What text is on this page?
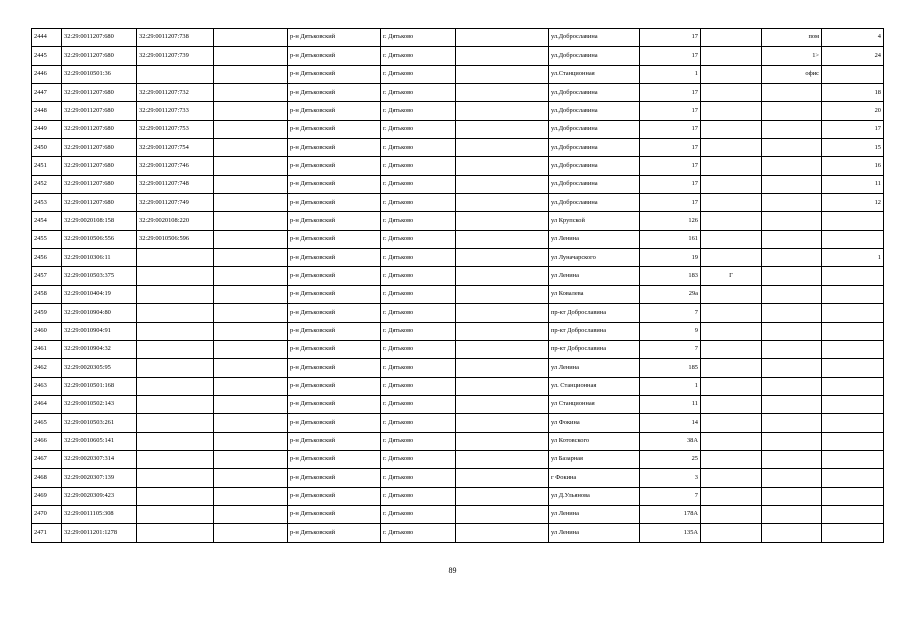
2444	32:29:0011207:680	32:29:0011207:738		р-н Дятьковский	г. Дятьково		ул.Доброславина	17		пом	4
2445	32:29:0011207:680	32:29:0011207:739		р-н Дятьковский	г. Дятьково		ул.Доброславина	17		1>	24
2446	32:29:0010501:36			р-н Дятьковский	г. Дятьково		ул.Станционная	1		офис	
2447	32:29:0011207:680	32:29:0011207:732		р-н Дятьковский	г. Дятьково		ул.Доброславина	17			18
2448	32:29:0011207:680	32:29:0011207:733		р-н Дятьковский	г. Дятьково		ул.Доброславина	17			20
2449	32:29:0011207:680	32:29:0011207:753		р-н Дятьковский	г. Дятьково		ул.Доброславина	17			17
2450	32:29:0011207:680	32:29:0011207:754		р-н Дятьковский	г. Дятьково		ул.Доброславина	17			15
2451	32:29:0011207:680	32:29:0011207:746		р-н Дятьковский	г. Дятьково		ул.Доброславина	17			16
2452	32:29:0011207:680	32:29:0011207:748		р-н Дятьковский	г. Дятьково		ул.Доброславина	17			11
2453	32:29:0011207:680	32:29:0011207:749		р-н Дятьковский	г. Дятьково		ул.Доброславина	17			12
2454	32:29:0020108:158	32:29:0020108:220		р-н Дятьковский	г. Дятьково		ул Крупской	126			
2455	32:29:0010506:556	32:29:0010506:596		р-н Дятьковский	г. Дятьково		ул Ленина	161			
2456	32:29:0010306:11			р-н Дятьковский	г. Дятьково		ул Луначарского	19			1
2457	32:29:0010503:375			р-н Дятьковский	г. Дятьково		ул Ленина	183	Г		
2458	32:29:0010404:19			р-н Дятьковский	г. Дятьково		ул Ковалева	29а			
2459	32:29:0010904:80			р-н Дятьковский	г. Дятьково		пр-кт Доброславина	7			
2460	32:29:0010904:91			р-н Дятьковский	г. Дятьково		пр-кт Доброславина	9			
2461	32:29:0010904:32			р-н Дятьковский	г. Дятьково		пр-кт Доброславина	7			
2462	32:29:0020305:95			р-н Дятьковский	г. Дятьково		ул Ленина	185			
2463	32:29:0010501:168			р-н Дятьковский	г. Дятьково		ул. Станционная	1			
2464	32:29:0010502:143			р-н Дятьковский	г. Дятьково		ул Станционная	11			
2465	32:29:0010503:261			р-н Дятьковский	г. Дятьково		ул Фокина	14			
2466	32:29:0010605:141			р-н Дятьковский	г. Дятьково		ул Котовского	38А			
2467	32:29:0020307:314			р-н Дятьковский	г. Дятьково		ул Базарная	25			
2468	32:29:0020307:139			р-н Дятьковский	г. Дятьково		г Фокина	3			
2469	32:29:0020309:423			р-н Дятьковский	г. Дятьково		ул Д.Ульянова	7			
2470	32:29:0011105:308			р-н Дятьковский	г. Дятьково		ул Ленина	178А			
2471	32:29:0011201:1278			р-н Дятьковский	г. Дятьково		ул Ленина	135А			
89
